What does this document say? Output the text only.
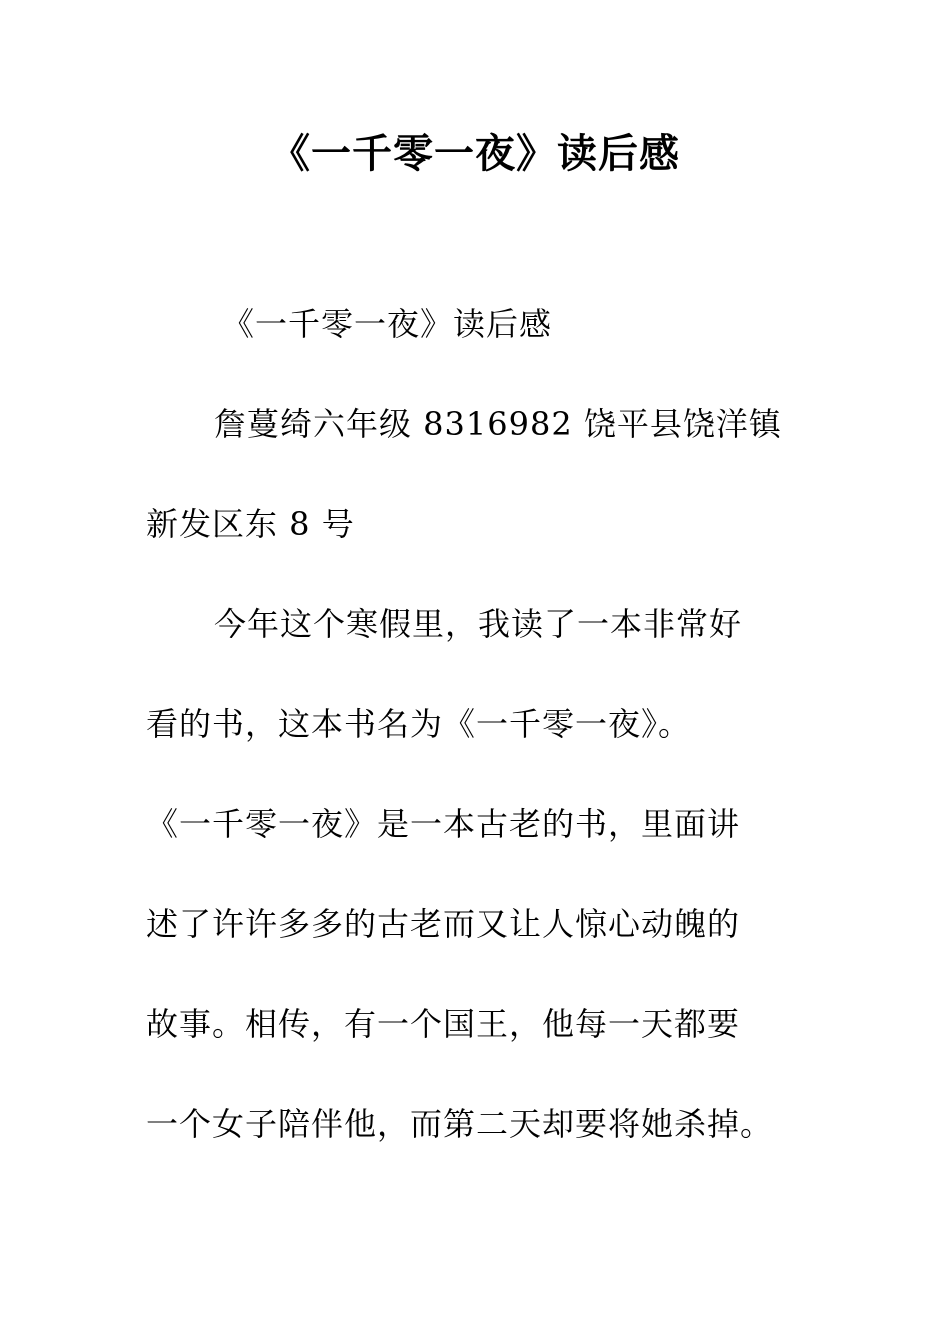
《一千零一夜》读后感
《一千零一夜》读后感
詹蔓绮六年级 8316982 饶平县饶洋镇
新发区东 8 号
今年这个寒假里，我读了一本非常好
看的书，这本书名为《一千零一夜》。
《一千零一夜》是一本古老的书，里面讲
述了许许多多的古老而又让人惊心动魄的
故事。相传，有一个国王，他每一天都要
一个女子陪伴他，而第二天却要将她杀掉。
